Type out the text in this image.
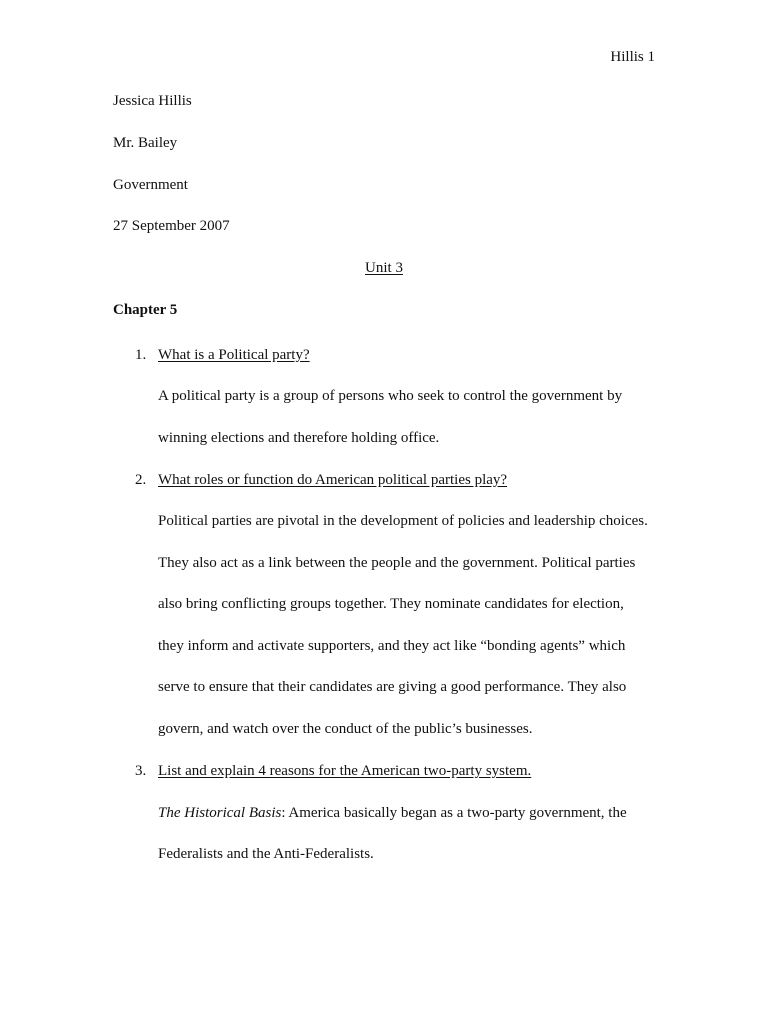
Hillis 1
Jessica Hillis
Mr. Bailey
Government
27 September 2007
Unit 3
Chapter 5
1. What is a Political party?
A political party is a group of persons who seek to control the government by
winning elections and therefore holding office.
2. What roles or function do American political parties play?
Political parties are pivotal in the development of policies and leadership choices.
They also act as a link between the people and the government. Political parties
also bring conflicting groups together. They nominate candidates for election,
they inform and activate supporters, and they act like “bonding agents” which
serve to ensure that their candidates are giving a good performance. They also
govern, and watch over the conduct of the public’s businesses.
3. List and explain 4 reasons for the American two-party system.
The Historical Basis: America basically began as a two-party government, the
Federalists and the Anti-Federalists.
